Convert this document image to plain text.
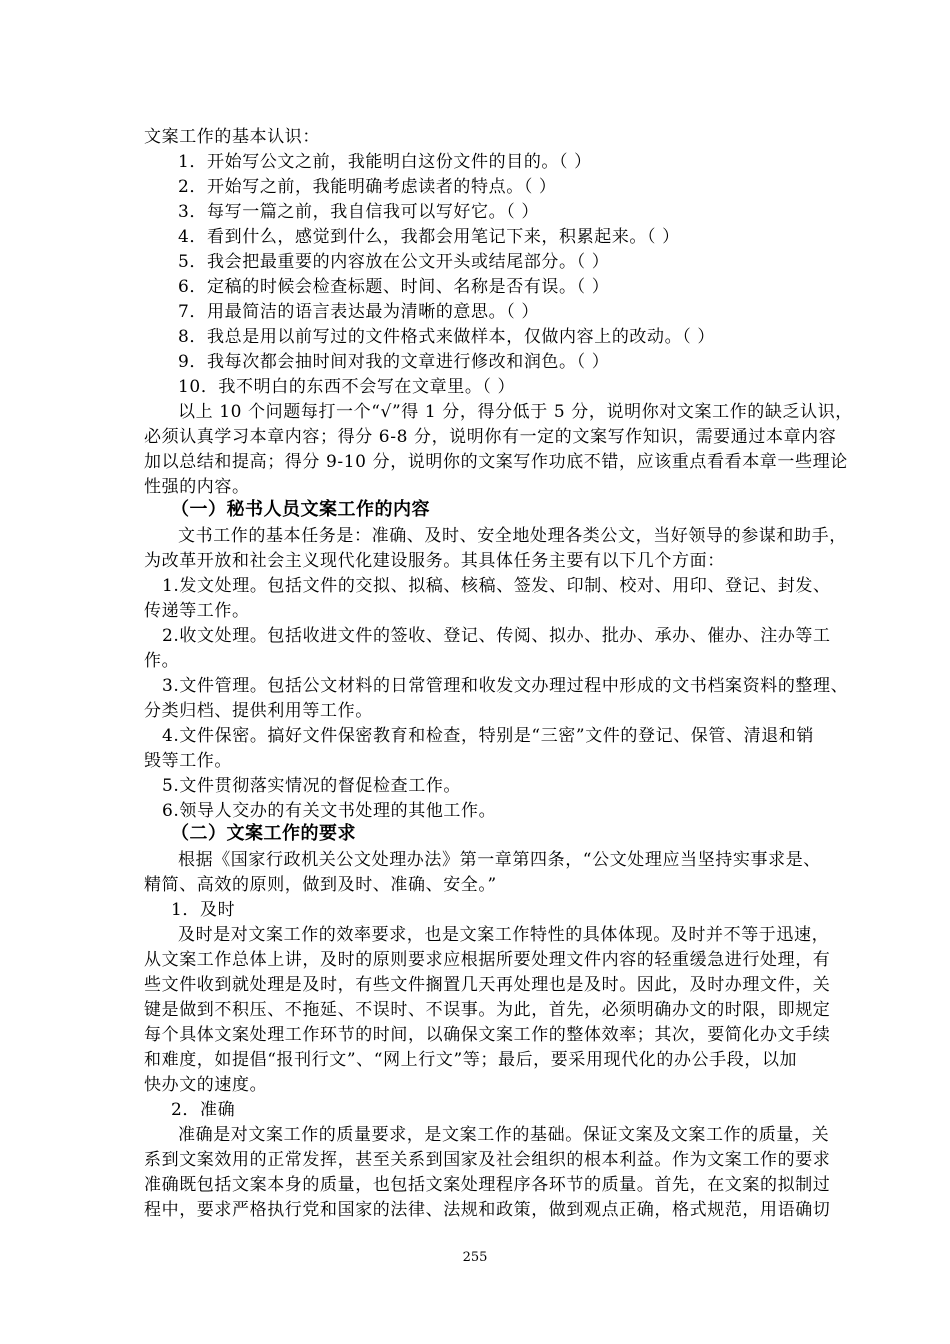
文案工作的基本认识：
1．开始写公文之前，我能明白这份文件的目的。（ ）
2．开始写之前，我能明确考虑读者的特点。（ ）
3．每写一篇之前，我自信我可以写好它。（ ）
4．看到什么，感觉到什么，我都会用笔记下来，积累起来。（ ）
5．我会把最重要的内容放在公文开头或结尾部分。（ ）
6．定稿的时候会检查标题、时间、名称是否有误。（ ）
7．用最简洁的语言表达最为清晰的意思。（ ）
8．我总是用以前写过的文件格式来做样本，仅做内容上的改动。（ ）
9．我每次都会抽时间对我的文章进行修改和润色。（ ）
10．我不明白的东西不会写在文章里。（ ）
以上 10 个问题每打一个“√”得 1 分，得分低于 5 分，说明你对文案工作的缺乏认识，
必须认真学习本章内容；得分 6-8 分，说明你有一定的文案写作知识，需要通过本章内容
加以总结和提高；得分 9-10 分，说明你的文案写作功底不错，应该重点看看本章一些理论
性强的内容。
（一）秘书人员文案工作的内容
文书工作的基本任务是：准确、及时、安全地处理各类公文，当好领导的参谋和助手，
为改革开放和社会主义现代化建设服务。其具体任务主要有以下几个方面：
1.发文处理。包括文件的交拟、拟稿、核稿、签发、印制、校对、用印、登记、封发、
传递等工作。
2.收文处理。包括收进文件的签收、登记、传阅、拟办、批办、承办、催办、注办等工
作。
3.文件管理。包括公文材料的日常管理和收发文办理过程中形成的文书档案资料的整理、
分类归档、提供利用等工作。
4.文件保密。搞好文件保密教育和检查，特别是“三密”文件的登记、保管、清退和销
毁等工作。
5.文件贯彻落实情况的督促检查工作。
6.领导人交办的有关文书处理的其他工作。
（二）文案工作的要求
根据《国家行政机关公文处理办法》第一章第四条，“公文处理应当坚持实事求是、
精简、高效的原则，做到及时、准确、安全。”
1．及时
及时是对文案工作的效率要求，也是文案工作特性的具体体现。及时并不等于迅速，
从文案工作总体上讲，及时的原则要求应根据所要处理文件内容的轻重缓急进行处理，有
些文件收到就处理是及时，有些文件搁置几天再处理也是及时。因此，及时办理文件，关
键是做到不积压、不拖延、不误时、不误事。为此，首先，必须明确办文的时限，即规定
每个具体文案处理工作环节的时间，以确保文案工作的整体效率；其次，要简化办文手续
和难度，如提倡“报刊行文”、“网上行文”等；最后，要采用现代化的办公手段，以加
快办文的速度。
2．准确
准确是对文案工作的质量要求，是文案工作的基础。保证文案及文案工作的质量，关
系到文案效用的正常发挥，甚至关系到国家及社会组织的根本利益。作为文案工作的要求
准确既包括文案本身的质量，也包括文案处理程序各环节的质量。首先，在文案的拟制过
程中，要求严格执行党和国家的法律、法规和政策，做到观点正确，格式规范，用语确切
255
